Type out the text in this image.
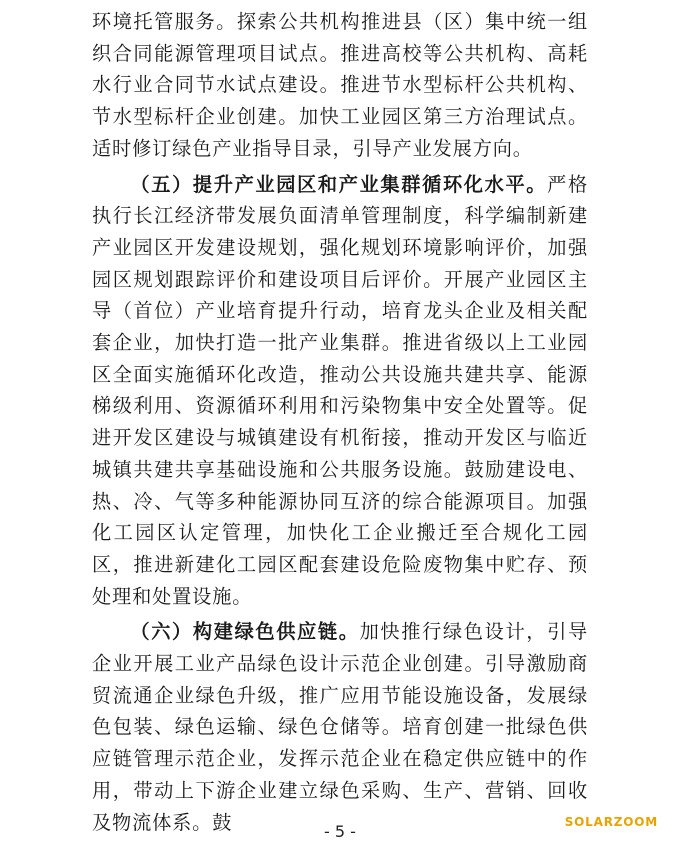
环境托管服务。探索公共机构推进县（区）集中统一组织合同能源管理项目试点。推进高校等公共机构、高耗水行业合同节水试点建设。推进节水型标杆公共机构、节水型标杆企业创建。加快工业园区第三方治理试点。适时修订绿色产业指导目录，引导产业发展方向。

（五）提升产业园区和产业集群循环化水平。严格执行长江经济带发展负面清单管理制度，科学编制新建产业园区开发建设规划，强化规划环境影响评价，加强园区规划跟踪评价和建设项目后评价。开展产业园区主导（首位）产业培育提升行动，培育龙头企业及相关配套企业，加快打造一批产业集群。推进省级以上工业园区全面实施循环化改造，推动公共设施共建共享、能源梯级利用、资源循环利用和污染物集中安全处置等。促进开发区建设与城镇建设有机衔接，推动开发区与临近城镇共建共享基础设施和公共服务设施。鼓励建设电、热、冷、气等多种能源协同互济的综合能源项目。加强化工园区认定管理，加快化工企业搬迁至合规化工园区，推进新建化工园区配套建设危险废物集中贮存、预处理和处置设施。

（六）构建绿色供应链。加快推行绿色设计，引导企业开展工业产品绿色设计示范企业创建。引导激励商贸流通企业绿色升级，推广应用节能设施设备，发展绿色包装、绿色运输、绿色仓储等。培育创建一批绿色供应链管理示范企业，发挥示范企业在稳定供应链中的作用，带动上下游企业建立绿色采购、生产、营销、回收及物流体系。鼓	- 5 -	SOLARZOOM
